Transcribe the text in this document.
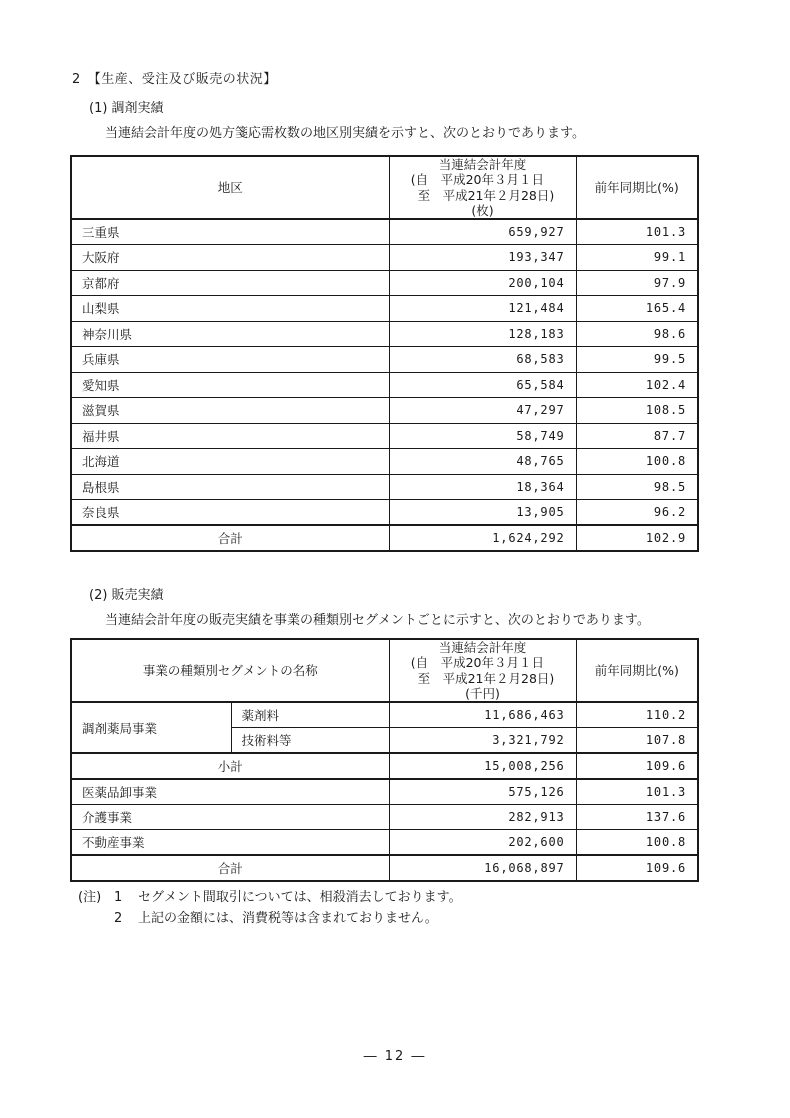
2　【生産、受注及び販売の状況】
(1) 調剤実績
当連結会計年度の処方箋応需枚数の地区別実績を示すと、次のとおりであります。
地区	当連結会計年度
(自　平成20年３月１日
至　平成21年２月28日)
(枚)	前年同期比(%)
三重県	659,927	101.3
大阪府	193,347	99.1
京都府	200,104	97.9
山梨県	121,484	165.4
神奈川県	128,183	98.6
兵庫県	68,583	99.5
愛知県	65,584	102.4
滋賀県	47,297	108.5
福井県	58,749	87.7
北海道	48,765	100.8
島根県	18,364	98.5
奈良県	13,905	96.2
合計	1,624,292	102.9
(2) 販売実績
当連結会計年度の販売実績を事業の種類別セグメントごとに示すと、次のとおりであります。
事業の種類別セグメントの名称		当連結会計年度
(自　平成20年３月１日
至　平成21年２月28日)
(千円)	前年同期比(%)
調剤薬局事業	薬剤料	11,686,463	110.2
	技術料等	3,321,792	107.8
小計		15,008,256	109.6
医薬品卸事業		575,126	101.3
介護事業		282,913	137.6
不動産事業		202,600	100.8
合計		16,068,897	109.6
(注) 1	セグメント間取引については、相殺消去しております。
2	上記の金額には、消費税等は含まれておりません。
― 12 ―
